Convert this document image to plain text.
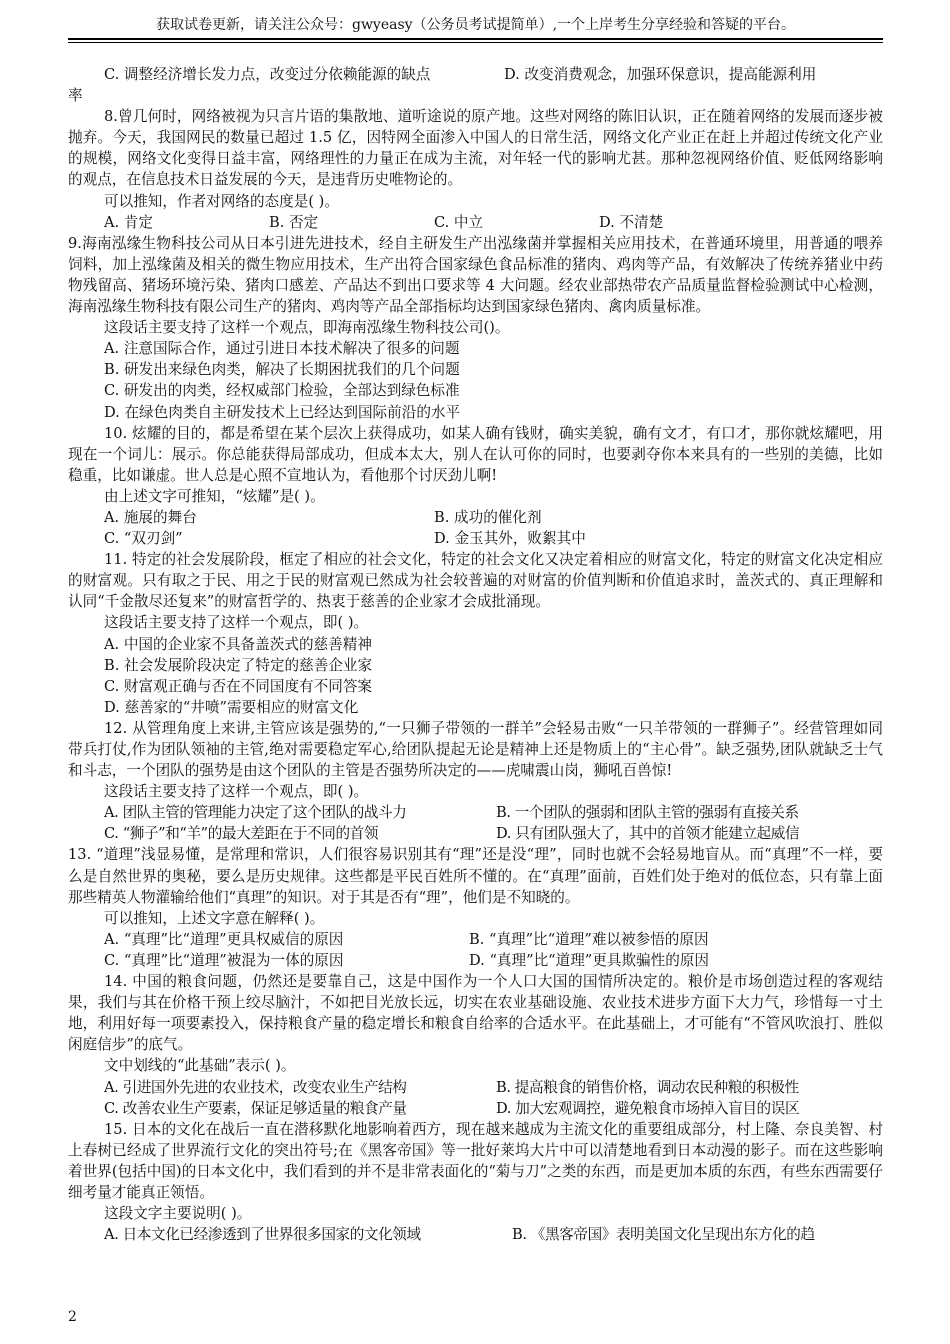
获取试卷更新，请关注公众号：gwyeasy（公务员考试提简单）,一个上岸考生分享经验和答疑的平台。
C. 调整经济增长发力点，改变过分依赖能源的缺点	D. 改变消费观念，加强环保意识，提高能源利用

率

8.曾几何时，网络被视为只言片语的集散地、道听途说的原产地。这些对网络的陈旧认识，正在随着网络的发展而逐步被抛弃。今天，我国网民的数量已超过 1.5 亿，因特网全面渗入中国人的日常生活，网络文化产业正在赶上并超过传统文化产业的规模，网络文化变得日益丰富，网络理性的力量正在成为主流，对年轻一代的影响尤甚。那种忽视网络价值、贬低网络影响的观点，在信息技术日益发展的今天，是违背历史唯物论的。

可以推知，作者对网络的态度是( )。

A. 肯定	B. 否定	C. 中立	D. 不清楚

9.海南泓缘生物科技公司从日本引进先进技术，经自主研发生产出泓缘菌并掌握相关应用技术，在普通环境里，用普通的喂养饲料，加上泓缘菌及相关的微生物应用技术，生产出符合国家绿色食品标准的猪肉、鸡肉等产品，有效解决了传统养猪业中药物残留高、猪场环境污染、猪肉口感差、产品达不到出口要求等 4 大问题。经农业部热带农产品质量监督检验测试中心检测，海南泓缘生物科技有限公司生产的猪肉、鸡肉等产品全部指标均达到国家绿色猪肉、禽肉质量标准。

这段话主要支持了这样一个观点，即海南泓缘生物科技公司()。

A. 注意国际合作，通过引进日本技术解决了很多的问题

B. 研发出来绿色肉类，解决了长期困扰我们的几个问题

C. 研发出的肉类，经权威部门检验，全部达到绿色标准

D. 在绿色肉类自主研发技术上已经达到国际前沿的水平

10. 炫耀的目的，都是希望在某个层次上获得成功，如某人确有钱财，确实美貌，确有文才，有口才，那你就炫耀吧，用现在一个词儿：展示。你总能获得局部成功，但成本太大，别人在认可你的同时，也要剥夺你本来具有的一些别的美德，比如稳重，比如谦虚。世人总是心照不宣地认为，看他那个讨厌劲儿啊!

由上述文字可推知，“炫耀”是( )。

A. 施展的舞台	B. 成功的催化剂
C. “双刃剑”	D. 金玉其外，败絮其中

11. 特定的社会发展阶段，框定了相应的社会文化，特定的社会文化又决定着相应的财富文化，特定的财富文化决定相应的财富观。只有取之于民、用之于民的财富观已然成为社会较普遍的对财富的价值判断和价值追求时，盖茨式的、真正理解和认同“千金散尽还复来”的财富哲学的、热衷于慈善的企业家才会成批涌现。

这段话主要支持了这样一个观点，即( )。

A. 中国的企业家不具备盖茨式的慈善精神

B. 社会发展阶段决定了特定的慈善企业家

C. 财富观正确与否在不同国度有不同答案

D. 慈善家的“井喷”需要相应的财富文化

12. 从管理角度上来讲,主管应该是强势的,“一只狮子带领的一群羊”会轻易击败“一只羊带领的一群狮子”。经营管理如同带兵打仗,作为团队领袖的主管,绝对需要稳定军心,给团队提起无论是精神上还是物质上的“主心骨”。缺乏强势,团队就缺乏士气和斗志，一个团队的强势是由这个团队的主管是否强势所决定的——虎啸震山岗，狮吼百兽惊!

这段话主要支持了这样一个观点，即( )。

A. 团队主管的管理能力决定了这个团队的战斗力	B. 一个团队的强弱和团队主管的强弱有直接关系
C. “狮子”和“羊”的最大差距在于不同的首领	D. 只有团队强大了，其中的首领才能建立起威信

13. “道理”浅显易懂，是常理和常识，人们很容易识别其有“理”还是没“理”，同时也就不会轻易地盲从。而“真理”不一样，要么是自然世界的奥秘，要么是历史规律。这些都是平民百姓所不懂的。在“真理”面前，百姓们处于绝对的低位态，只有靠上面那些精英人物灌输给他们“真理”的知识。对于其是否有“理”，他们是不知晓的。

可以推知，上述文字意在解释( )。

A. “真理”比“道理”更具权威信的原因	B. “真理”比“道理”难以被参悟的原因
C. “真理”比“道理”被混为一体的原因	D. “真理”比“道理”更具欺骗性的原因

14. 中国的粮食问题，仍然还是要靠自己，这是中国作为一个人口大国的国情所决定的。粮价是市场创造过程的客观结果，我们与其在价格干预上绞尽脑汁，不如把目光放长远，切实在农业基础设施、农业技术进步方面下大力气，珍惜每一寸土地，利用好每一项要素投入，保持粮食产量的稳定增长和粮食自给率的合适水平。在此基础上，才可能有“不管风吹浪打、胜似闲庭信步”的底气。

文中划线的“此基础”表示( )。

A. 引进国外先进的农业技术，改变农业生产结构	B. 提高粮食的销售价格，调动农民种粮的积极性
C. 改善农业生产要素，保证足够适量的粮食产量	D. 加大宏观调控，避免粮食市场掉入盲目的误区

15. 日本的文化在战后一直在潜移默化地影响着西方，现在越来越成为主流文化的重要组成部分，村上隆、奈良美智、村上春树已经成了世界流行文化的突出符号;在《黑客帝国》等一批好莱坞大片中可以清楚地看到日本动漫的影子。而在这些影响着世界(包括中国)的日本文化中，我们看到的并不是非常表面化的“菊与刀”之类的东西，而是更加本质的东西，有些东西需要仔细考量才能真正领悟。

这段文字主要说明( )。

A. 日本文化已经渗透到了世界很多国家的文化领域	B. 《黑客帝国》表明美国文化呈现出东方化的趋
2
